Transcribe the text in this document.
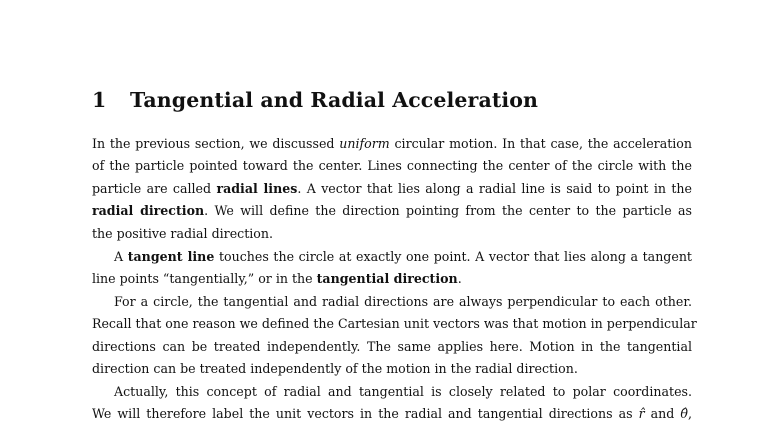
1 Tangential and Radial Acceleration
In the previous section, we discussed uniform circular motion. In that case, the acceleration
of the particle pointed toward the center. Lines connecting the center of the circle with the
particle are called radial lines. A vector that lies along a radial line is said to point in the
radial direction. We will define the direction pointing from the center to the particle as
the positive radial direction.
A tangent line touches the circle at exactly one point. A vector that lies along a tangent
line points “tangentially,” or in the tangential direction.
For a circle, the tangential and radial directions are always perpendicular to each other.
Recall that one reason we defined the Cartesian unit vectors was that motion in perpendicular
directions can be treated independently. The same applies here. Motion in the tangential
direction can be treated independently of the motion in the radial direction.
Actually, this concept of radial and tangential is closely related to polar coordinates.
We will therefore label the unit vectors in the radial and tangential directions as r̂ and θ̂,
